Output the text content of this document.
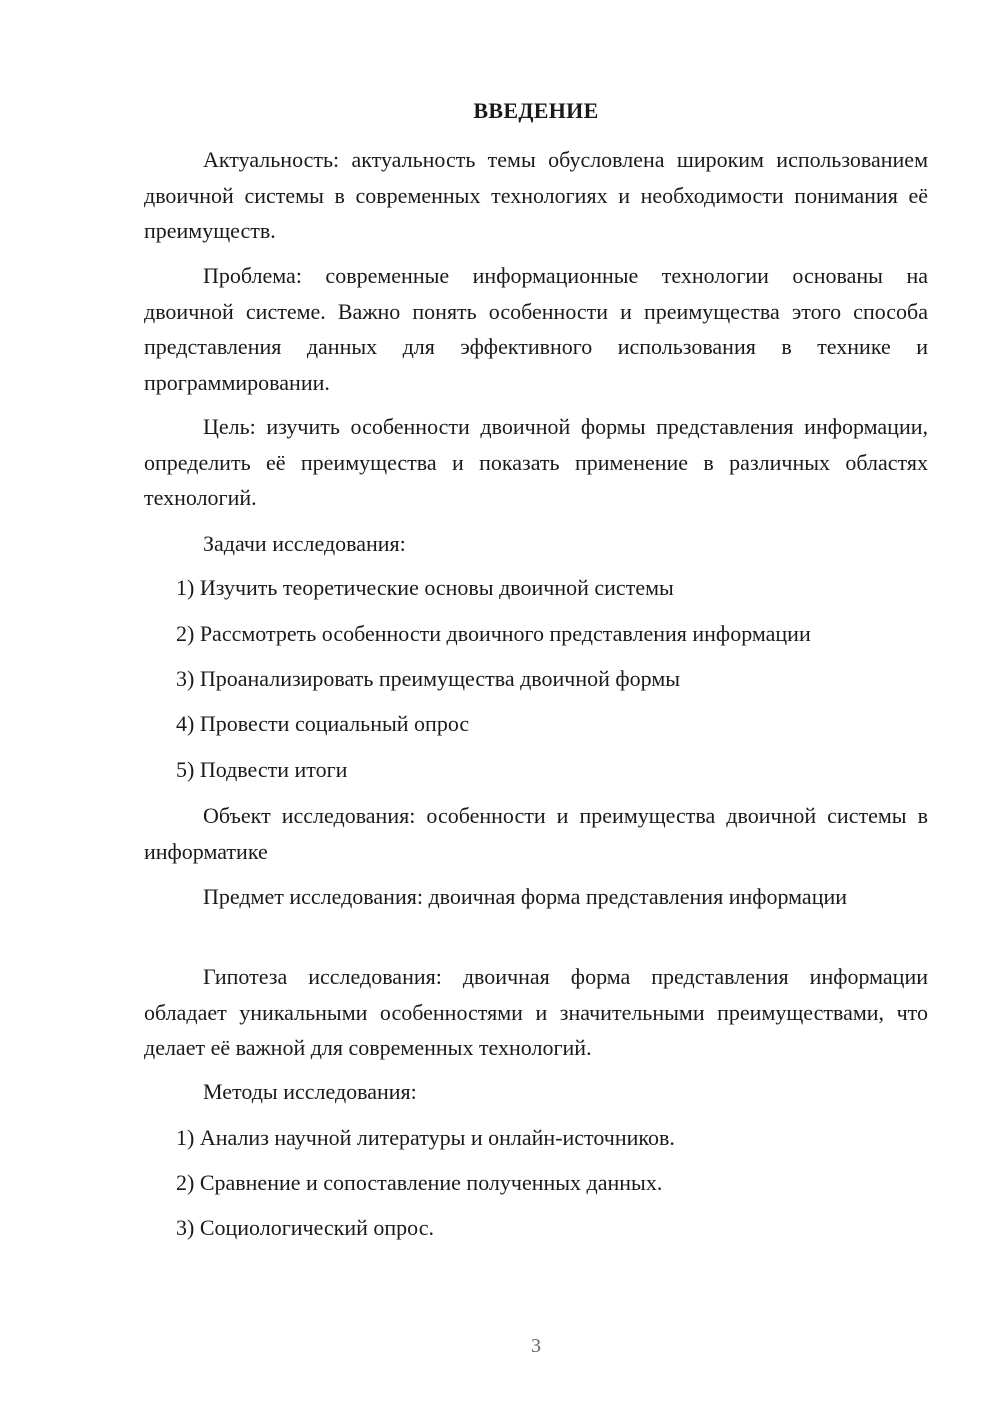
ВВЕДЕНИЕ

Актуальность: актуальность темы обусловлена широким использованием двоичной системы в современных технологиях и необходимости понимания её преимуществ.

Проблема: современные информационные технологии основаны на двоичной системе. Важно понять особенности и преимущества этого способа представления данных для эффективного использования в технике и программировании.

Цель: изучить особенности двоичной формы представления информации, определить её преимущества и показать применение в различных областях технологий.

Задачи исследования:

1) Изучить теоретические основы двоичной системы

2) Рассмотреть особенности двоичного представления информации

3) Проанализировать преимущества двоичной формы

4) Провести социальный опрос

5) Подвести итоги

Объект исследования: особенности и преимущества двоичной системы в информатике

Предмет исследования: двоичная форма представления информации

Гипотеза исследования: двоичная форма представления информации обладает уникальными особенностями и значительными преимуществами, что делает её важной для современных технологий.

Методы исследования:

1) Анализ научной литературы и онлайн-источников.

2) Сравнение и сопоставление полученных данных.

3) Социологический опрос.

3
